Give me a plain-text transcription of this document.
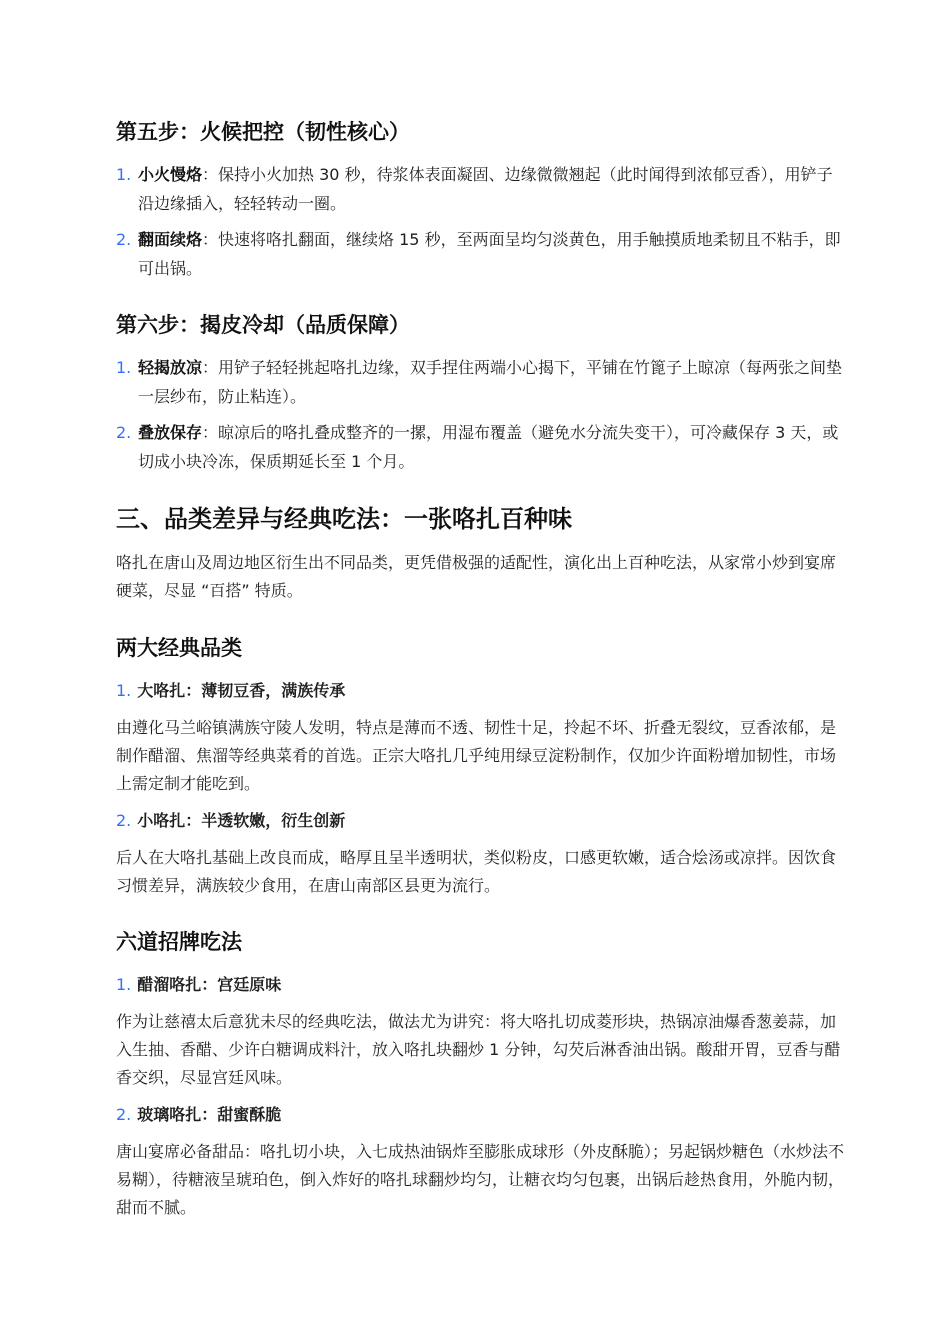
第五步：火候把控（韧性核心）
1. 小火慢烙：保持小火加热 30 秒，待浆体表面凝固、边缘微微翘起（此时闻得到浓郁豆香），用铲子沿边缘插入，轻轻转动一圈。
2. 翻面续烙：快速将咯扎翻面，继续烙 15 秒，至两面呈均匀淡黄色，用手触摸质地柔韧且不粘手，即可出锅。
第六步：揭皮冷却（品质保障）
1. 轻揭放凉：用铲子轻轻挑起咯扎边缘，双手捏住两端小心揭下，平铺在竹篦子上晾凉（每两张之间垫一层纱布，防止粘连）。
2. 叠放保存：晾凉后的咯扎叠成整齐的一摞，用湿布覆盖（避免水分流失变干），可冷藏保存 3 天，或切成小块冷冻，保质期延长至 1 个月。
三、品类差异与经典吃法：一张咯扎百种味

咯扎在唐山及周边地区衍生出不同品类，更凭借极强的适配性，演化出上百种吃法，从家常小炒到宴席硬菜，尽显 “百搭” 特质。

两大经典品类
1. 大咯扎：薄韧豆香，满族传承

由遵化马兰峪镇满族守陵人发明，特点是薄而不透、韧性十足，拎起不坏、折叠无裂纹，豆香浓郁，是制作醋溜、焦溜等经典菜肴的首选。正宗大咯扎几乎纯用绿豆淀粉制作，仅加少许面粉增加韧性，市场上需定制才能吃到。

2. 小咯扎：半透软嫩，衍生创新

后人在大咯扎基础上改良而成，略厚且呈半透明状，类似粉皮，口感更软嫩，适合烩汤或凉拌。因饮食习惯差异，满族较少食用，在唐山南部区县更为流行。

六道招牌吃法
1. 醋溜咯扎：宫廷原味

作为让慈禧太后意犹未尽的经典吃法，做法尤为讲究：将大咯扎切成菱形块，热锅凉油爆香葱姜蒜，加入生抽、香醋、少许白糖调成料汁，放入咯扎块翻炒 1 分钟，勾芡后淋香油出锅。酸甜开胃，豆香与醋香交织，尽显宫廷风味。

2. 玻璃咯扎：甜蜜酥脆

唐山宴席必备甜品：咯扎切小块，入七成热油锅炸至膨胀成球形（外皮酥脆）；另起锅炒糖色（水炒法不易糊），待糖液呈琥珀色，倒入炸好的咯扎球翻炒均匀，让糖衣均匀包裹，出锅后趁热食用，外脆内韧，甜而不腻。
